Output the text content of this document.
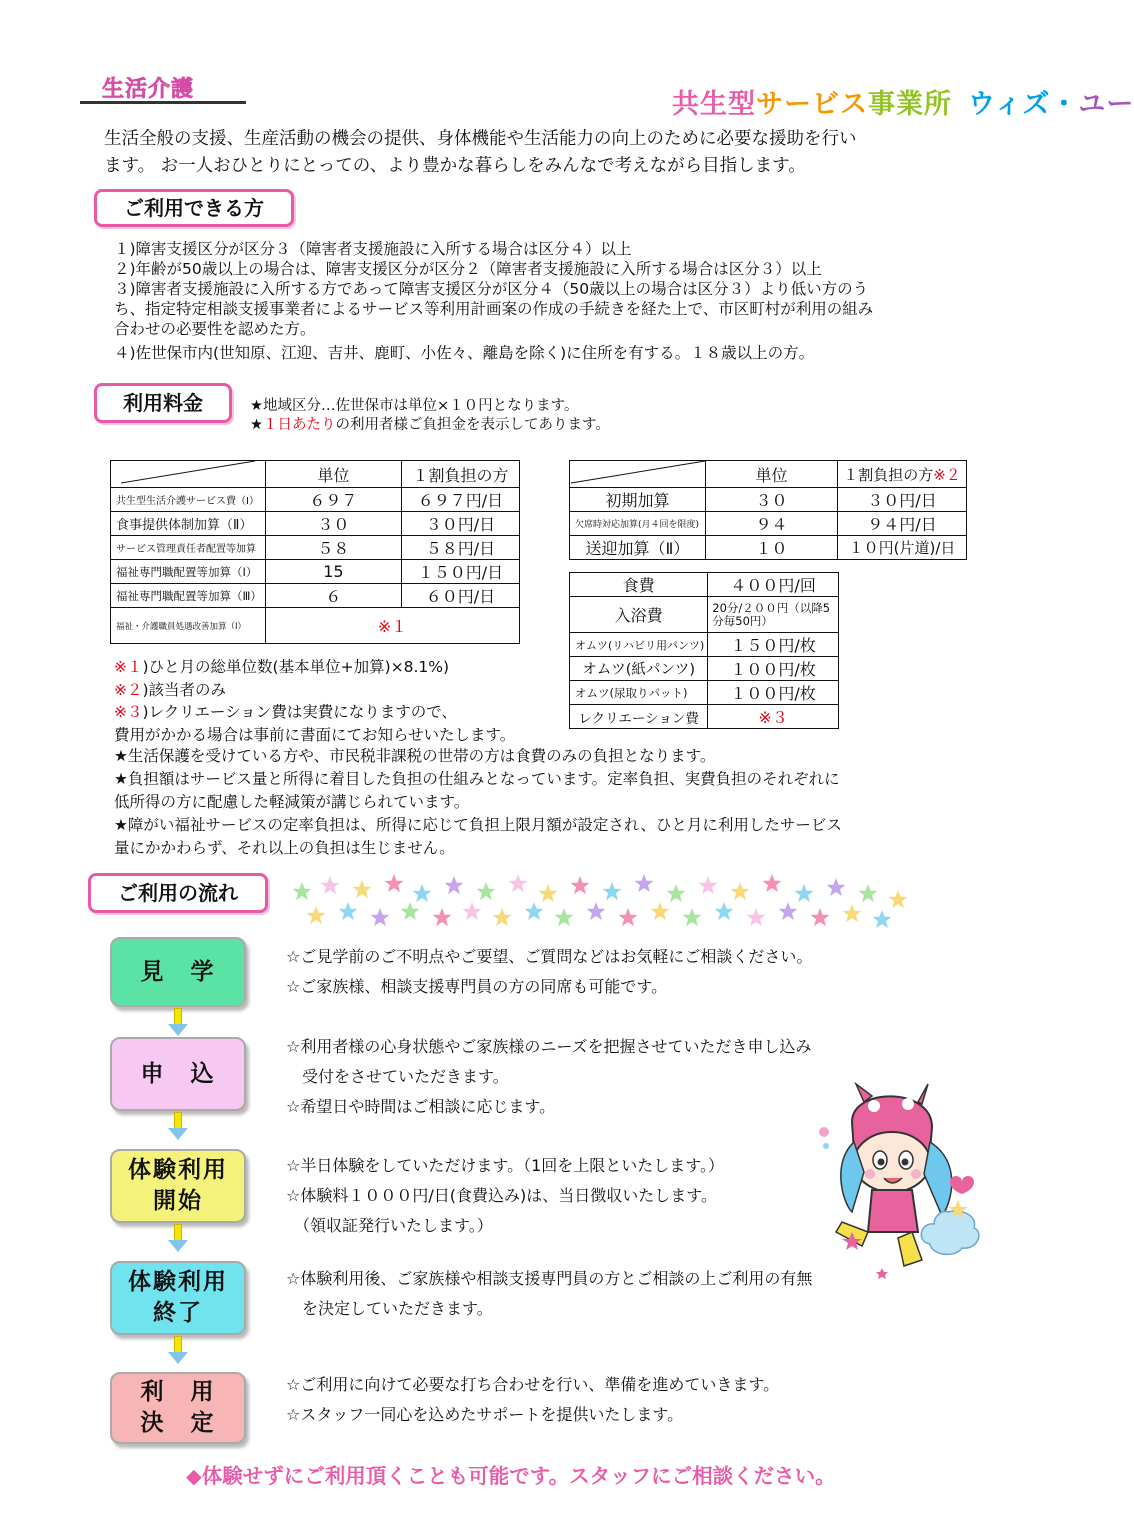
生活介護	共生型サービス事業所 ウィズ・ユー
生活全般の支援、生産活動の機会の提供、身体機能や生活能力の向上のために必要な援助を行い
ます。 お一人おひとりにとっての、より豊かな暮らしをみんなで考えながら目指します。
ご利用できる方
１)障害支援区分が区分３（障害者支援施設に入所する場合は区分４）以上
２)年齢が50歳以上の場合は、障害支援区分が区分２（障害者支援施設に入所する場合は区分３）以上
３)障害者支援施設に入所する方であって障害支援区分が区分４（50歳以上の場合は区分３）より低い方のう
ち、指定特定相談支援事業者によるサービス等利用計画案の作成の手続きを経た上で、市区町村が利用の組み
合わせの必要性を認めた方。
４)佐世保市内(世知原、江迎、吉井、鹿町、小佐々、離島を除く)に住所を有する。１８歳以上の方。
利用料金	★地域区分…佐世保市は単位×１０円となります。
★１日あたりの利用者様ご負担金を表示してあります。
	単位	１割負担の方
共生型生活介護サービス費（Ⅰ）	６９７	６９７円/日
食事提供体制加算（Ⅱ）	３０	３０円/日
サービス管理責任者配置等加算	５８	５８円/日
福祉専門職配置等加算（Ⅰ）	15	１５０円/日
福祉専門職配置等加算（Ⅲ）	６	６０円/日
福祉・介護職員処遇改善加算（Ⅰ）	※１	
	単位	１割負担の方※２
初期加算	３０	３０円/日
欠席時対応加算(月４回を限度)	９４	９４円/日
送迎加算（Ⅱ）	１０	１０円(片道)/日
食費	４００円/回
入浴費	20分/２００円（以降5分毎50円）
オムツ(リハビリ用パンツ)	１５０円/枚
オムツ(紙パンツ)	１００円/枚
オムツ(尿取りパット)	１００円/枚
レクリエーション費	※３
※１)ひと月の総単位数(基本単位+加算)×8.1%)
※２)該当者のみ
※３)レクリエーション費は実費になりますので、
費用がかかる場合は事前に書面にてお知らせいたします。
★生活保護を受けている方や、市民税非課税の世帯の方は食費のみの負担となります。
★負担額はサービス量と所得に着目した負担の仕組みとなっています。定率負担、実費負担のそれぞれに
低所得の方に配慮した軽減策が講じられています。
★障がい福祉サービスの定率負担は、所得に応じて負担上限月額が設定され、ひと月に利用したサービス
量にかかわらず、それ以上の負担は生じません。
ご利用の流れ
見　学
☆ご見学前のご不明点やご要望、ご質問などはお気軽にご相談ください。
☆ご家族様、相談支援専門員の方の同席も可能です。
申　込
☆利用者様の心身状態やご家族様のニーズを把握させていただき申し込み
　受付をさせていただきます。
☆希望日や時間はご相談に応じます。
体験利用
開始
☆半日体験をしていただけます。（1回を上限といたします。）
☆体験料１０００円/日(食費込み)は、当日徴収いたします。
　（領収証発行いたします。）
体験利用
終了
☆体験利用後、ご家族様や相談支援専門員の方とご相談の上ご利用の有無
　を決定していただきます。
利　用
決　定
☆ご利用に向けて必要な打ち合わせを行い、準備を進めていきます。
☆スタッフ一同心を込めたサポートを提供いたします。
◆体験せずにご利用頂くことも可能です。スタッフにご相談ください。
